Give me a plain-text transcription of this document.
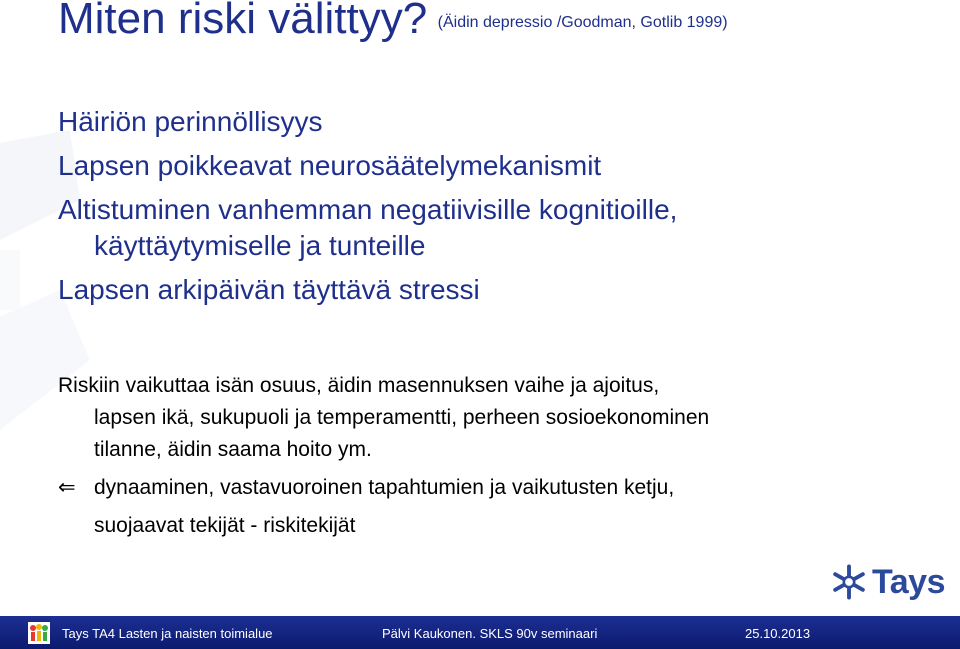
Miten riski välittyy? (Äidin depressio /Goodman, Gotlib 1999)

Häiriön perinnöllisyys

Lapsen poikkeavat neurosäätelymekanismit

Altistuminen vanhemman negatiivisille kognitioille,

käyttäytymiselle ja tunteille

Lapsen arkipäivän täyttävä stressi

Riskiin vaikuttaa isän osuus, äidin masennuksen vaihe ja ajoitus,

lapsen ikä, sukupuoli ja temperamentti, perheen sosioekonominen

tilanne, äidin saama hoito ym.

⇐ dynaaminen, vastavuoroinen tapahtumien ja vaikutusten ketju,

suojaavat tekijät - riskitekijät

Tays
Tays TA4 Lasten ja naisten toimialue	Pälvi Kaukonen. SKLS 90v seminaari	25.10.2013
